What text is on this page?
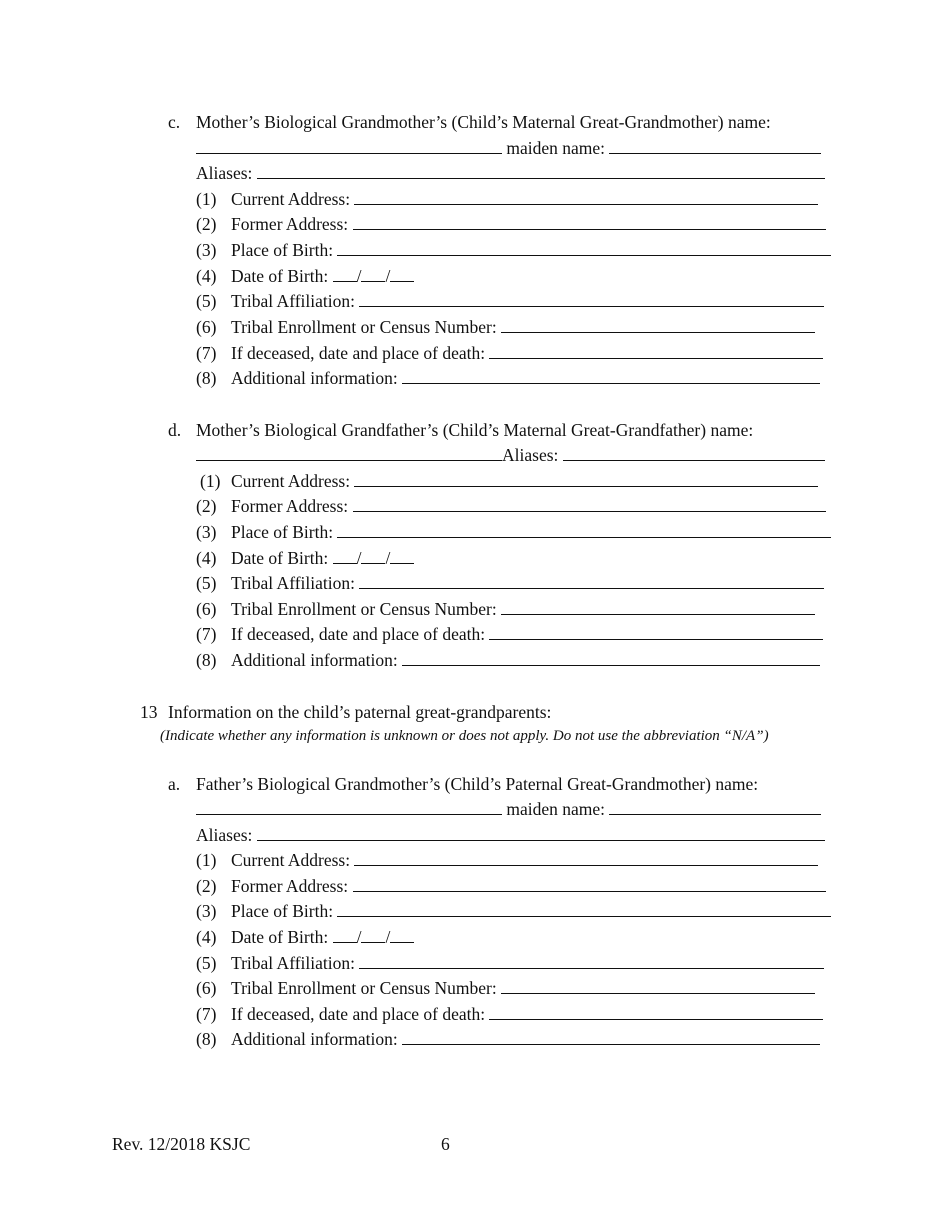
c. Mother’s Biological Grandmother’s (Child’s Maternal Great-Grandmother) name:
maiden name:
Aliases:
(1) Current Address:
(2) Former Address:
(3) Place of Birth:
(4) Date of Birth: / /
(5) Tribal Affiliation:
(6) Tribal Enrollment or Census Number:
(7) If deceased, date and place of death:
(8) Additional information:
d. Mother’s Biological Grandfather’s (Child’s Maternal Great-Grandfather) name:
Aliases:
(1) Current Address:
(2) Former Address:
(3) Place of Birth:
(4) Date of Birth: / /
(5) Tribal Affiliation:
(6) Tribal Enrollment or Census Number:
(7) If deceased, date and place of death:
(8) Additional information:
13 Information on the child’s paternal great-grandparents:
(Indicate whether any information is unknown or does not apply. Do not use the abbreviation “N/A”)
a. Father’s Biological Grandmother’s (Child’s Paternal Great-Grandmother) name:
maiden name:
Aliases:
(1) Current Address:
(2) Former Address:
(3) Place of Birth:
(4) Date of Birth: / /
(5) Tribal Affiliation:
(6) Tribal Enrollment or Census Number:
(7) If deceased, date and place of death:
(8) Additional information:
Rev. 12/2018 KSJC	6
